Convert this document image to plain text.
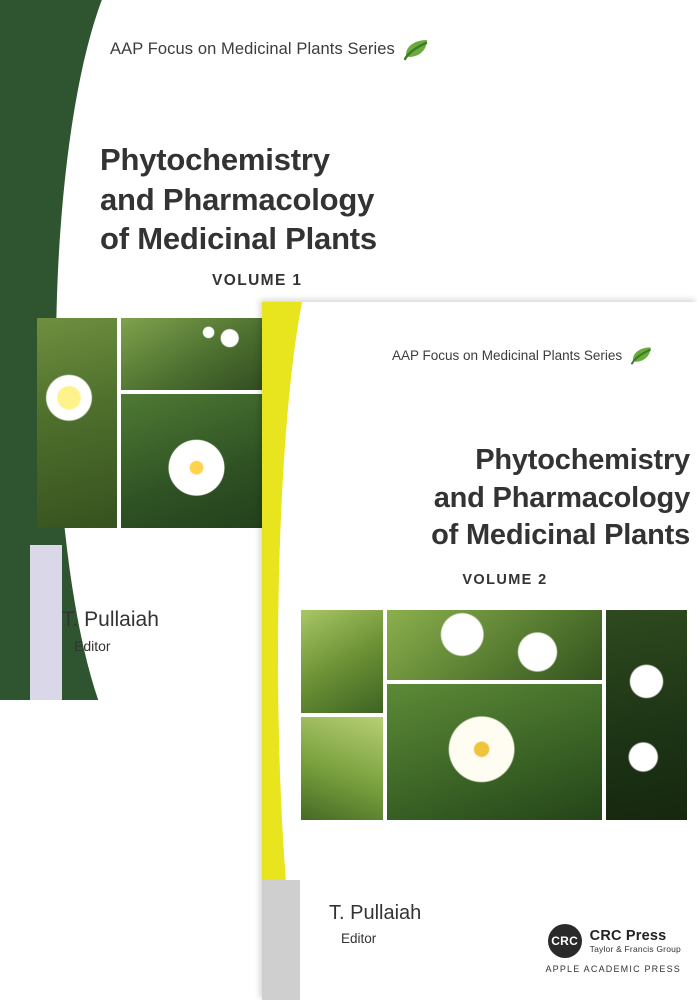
AAP Focus on Medicinal Plants Series
Phytochemistry
and Pharmacology
of Medicinal Plants
VOLUME 1
T. Pullaiah
Editor
AAP Focus on Medicinal Plants Series
Phytochemistry
and Pharmacology
of Medicinal Plants
VOLUME 2
T. Pullaiah
Editor	CRC CRC Press
Taylor & Francis Group
APPLE ACADEMIC PRESS
